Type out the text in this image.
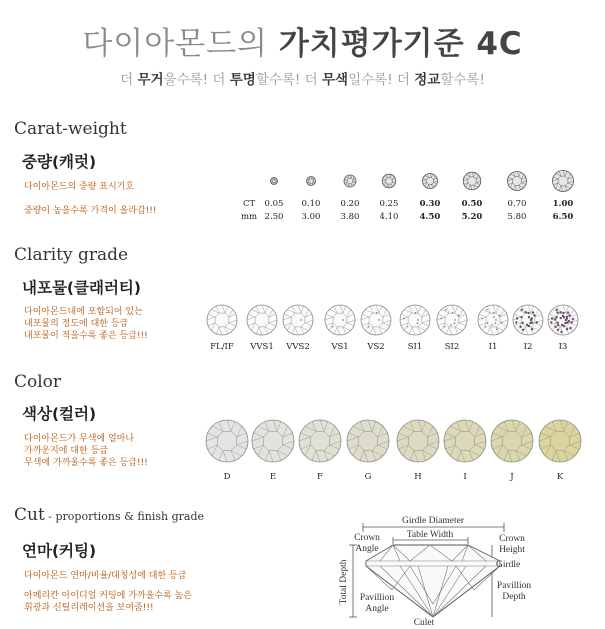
다이아몬드의 가치평가기준 4C
더 무거울수록! 더 투명할수록! 더 무색일수록! 더 정교할수록!
Carat-weight
중량(캐럿)
다이아몬드의 중량 표시기호
중량이 높을수록 가격이 올라갑!!!
CT	0.05	0.10	0.20	0.25	0.30	0.50	0.70	1.00
mm 2.50	3.00	3.80	4.10	4.50	5.20	5.80	6.50
Clarity grade
내포물(클래러티)
다이아몬드내에 포함되어 있는
내포물의 정도에 대한 등급
내포물이 적을수록 좋은 등급!!!
FL/IF	VVS1	VVS2	VS1	VS2	SI1	SI2	I1	I2	I3
Color
색상(컬러)
다이아몬드가 무색에 얼마나
가까운지에 대한 등급
무색에 가까울수록 좋은 등급!!!
D	E	F	G	H	I	J	K
Cut - proportions & finish grade
연마(커팅)
다이아몬드 연마/비율/대칭성에 대한 등급
아메리칸 아이디얼 커팅에 가까울수록 높은
휘광과 신틸리레이션을 보여줌!!!
Girdle Diameter
Table Width
Crown
Angle
Crown
Height
Girdle
Total Depth Pavillion
Angle
Pavillion
Depth
Culet
